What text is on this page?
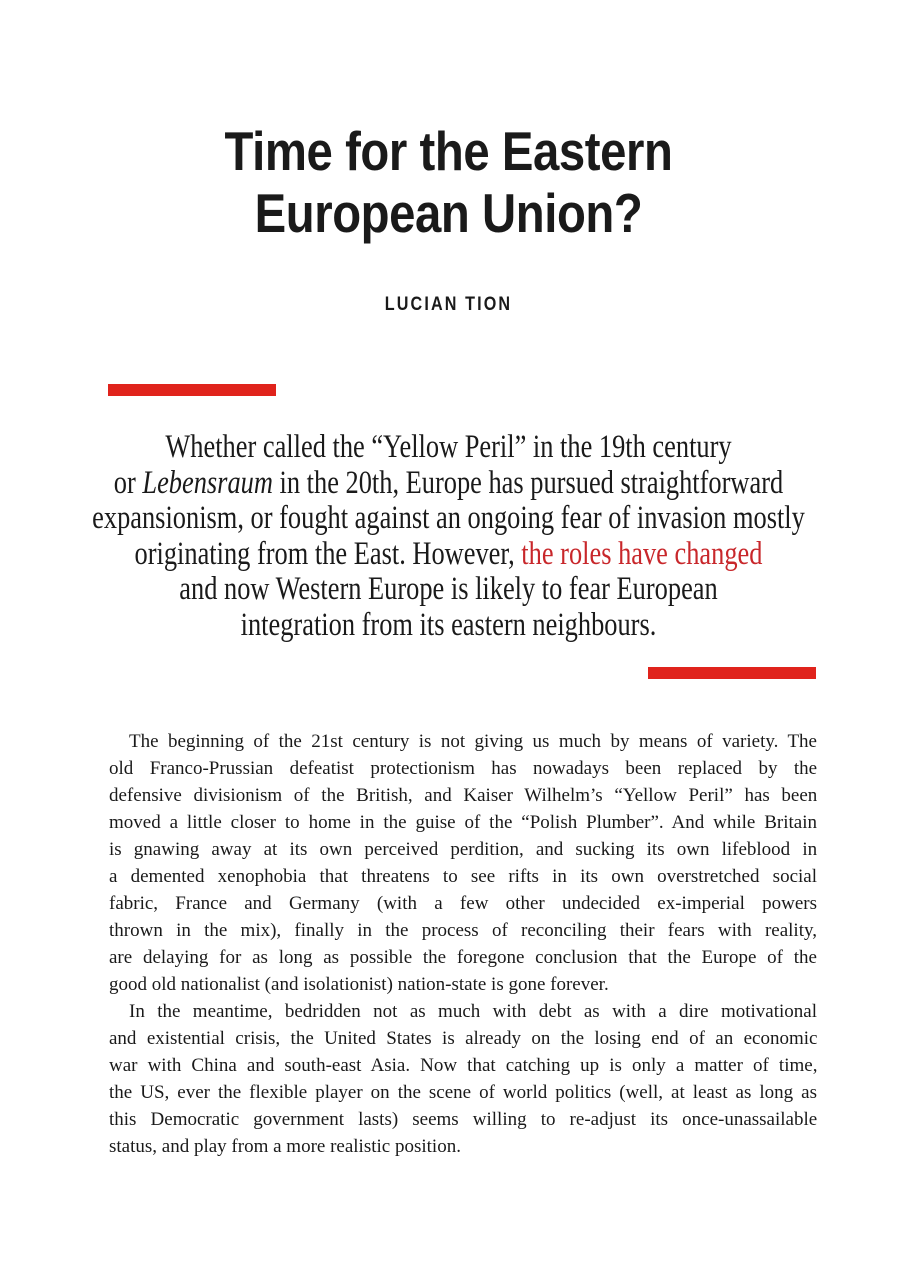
Time for the Eastern
European Union?
LUCIAN TION
Whether called the “Yellow Peril” in the 19th century
or Lebensraum in the 20th, Europe has pursued straightforward
expansionism, or fought against an ongoing fear of invasion mostly
originating from the East. However, the roles have changed
and now Western Europe is likely to fear European
integration from its eastern neighbours.
The beginning of the 21st century is not giving us much by means of variety. The
old Franco-Prussian defeatist protectionism has nowadays been replaced by the
defensive divisionism of the British, and Kaiser Wilhelm’s “Yellow Peril” has been
moved a little closer to home in the guise of the “Polish Plumber”. And while Britain
is gnawing away at its own perceived perdition, and sucking its own lifeblood in
a demented xenophobia that threatens to see rifts in its own overstretched social
fabric, France and Germany (with a few other undecided ex-imperial powers
thrown in the mix), finally in the process of reconciling their fears with reality,
are delaying for as long as possible the foregone conclusion that the Europe of the
good old nationalist (and isolationist) nation-state is gone forever.
In the meantime, bedridden not as much with debt as with a dire motivational
and existential crisis, the United States is already on the losing end of an economic
war with China and south-east Asia. Now that catching up is only a matter of time,
the US, ever the flexible player on the scene of world politics (well, at least as long as
this Democratic government lasts) seems willing to re-adjust its once-unassailable
status, and play from a more realistic position.
